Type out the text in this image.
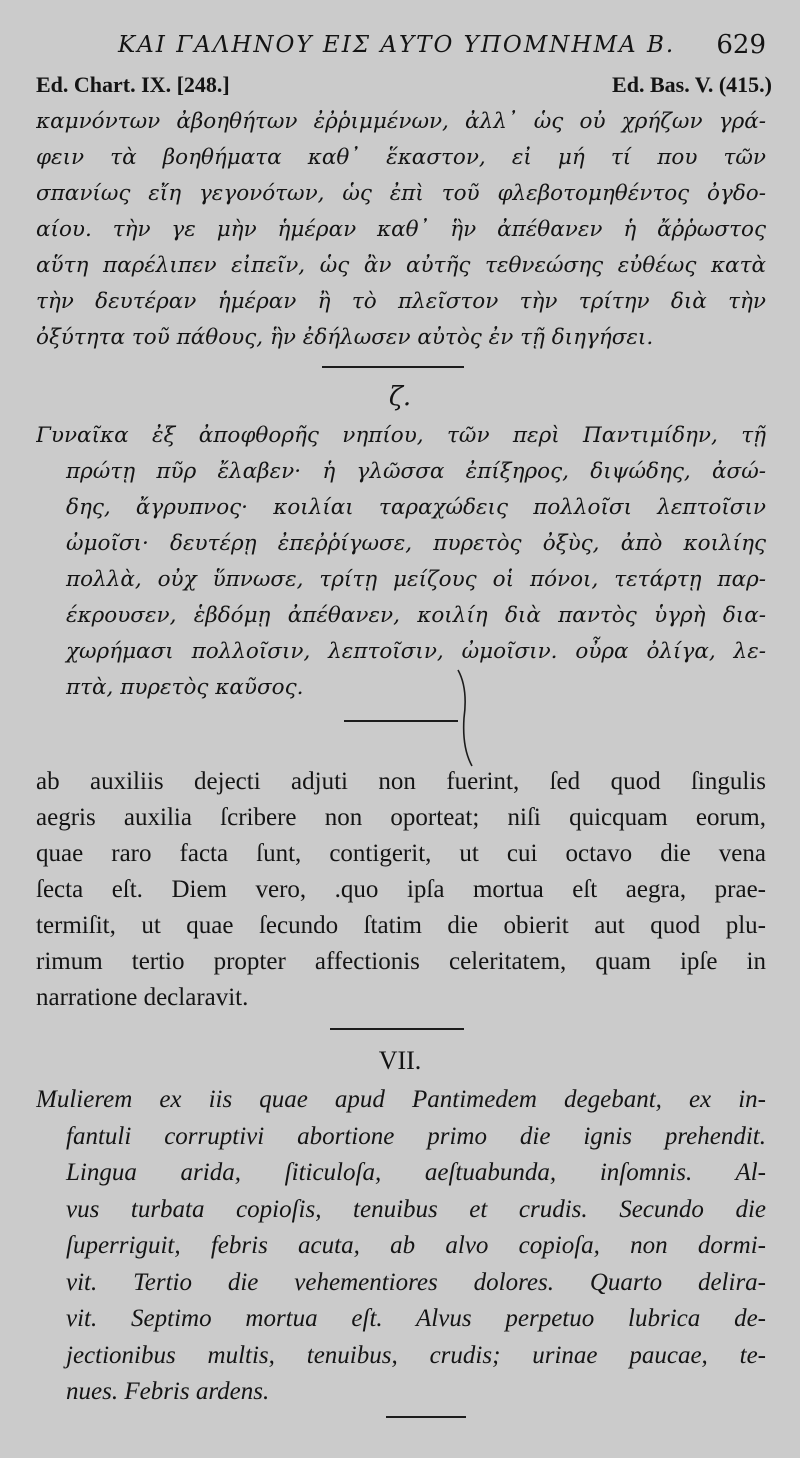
ΚΑΙ ΓΑΛΗΝΟΥ ΕΙΣ ΑΥΤΟ ΥΠΟΜΝΗΜΑ Β. 629
Ed. Chart. IX. [248.]	Ed. Bas. V. (415.)
καμνόντων ἀβοηθήτων ἐῤῥιμμένων, ἀλλ᾽ ὡς οὐ χρήζων γρά-
φειν τὰ βοηθήματα καθ᾽ ἕκαστον, εἰ μή τί που τῶν
σπανίως εἴη γεγονότων, ὡς ἐπὶ τοῦ φλεβοτομηθέντος ὀγδο-
αίου. τὴν γε μὴν ἡμέραν καθ᾽ ἣν ἀπέθανεν ἡ ἄῤῥωστος
αὕτη παρέλιπεν εἰπεῖν, ὡς ἂν αὐτῆς τεθνεώσης εὐθέως κατὰ
τὴν δευτέραν ἡμέραν ἢ τὸ πλεῖστον τὴν τρίτην διὰ τὴν
ὀξύτητα τοῦ πάθους, ἣν ἐδήλωσεν αὐτὸς ἐν τῇ διηγήσει.
ζ.
Γυναῖκα ἐξ ἀποφθορῆς νηπίου, τῶν περὶ Παντιμίδην, τῇ
πρώτῃ πῦρ ἔλαβεν· ἡ γλῶσσα ἐπίξηρος, διψώδης, ἀσώ-
δης, ἄγρυπνος· κοιλίαι ταραχώδεις πολλοῖσι λεπτοῖσιν
ὠμοῖσι· δευτέρῃ ἐπεῤῥίγωσε, πυρετὸς ὀξὺς, ἀπὸ κοιλίης
πολλὰ, οὐχ ὕπνωσε, τρίτῃ μείζους οἱ πόνοι, τετάρτῃ παρ-
έκρουσεν, ἑβδόμῃ ἀπέθανεν, κοιλίη διὰ παντὸς ὑγρὴ δια-
χωρήμασι πολλοῖσιν, λεπτοῖσιν, ὠμοῖσιν. οὖρα ὀλίγα, λε-
πτὰ, πυρετὸς καῦσος.
ab auxiliis dejecti adjuti non fuerint, ſed quod ſingulis
aegris auxilia ſcribere non oporteat; niſi quicquam eorum,
quae raro facta ſunt, contigerit, ut cui octavo die vena
ſecta eſt. Diem vero, .quo ipſa mortua eſt aegra, prae-
termiſit, ut quae ſecundo ſtatim die obierit aut quod plu-
rimum tertio propter affectionis celeritatem, quam ipſe in
narratione declaravit.
VII.
Mulierem ex iis quae apud Pantimedem degebant, ex in-
fantuli corruptivi abortione primo die ignis prehendit.
Lingua arida, ſiticuloſa, aeſtuabunda, inſomnis. Al-
vus turbata copioſis, tenuibus et crudis. Secundo die
ſuperriguit, febris acuta, ab alvo copioſa, non dormi-
vit. Tertio die vehementiores dolores. Quarto delira-
vit. Septimo mortua eſt. Alvus perpetuo lubrica de-
jectionibus multis, tenuibus, crudis; urinae paucae, te-
nues. Febris ardens.
